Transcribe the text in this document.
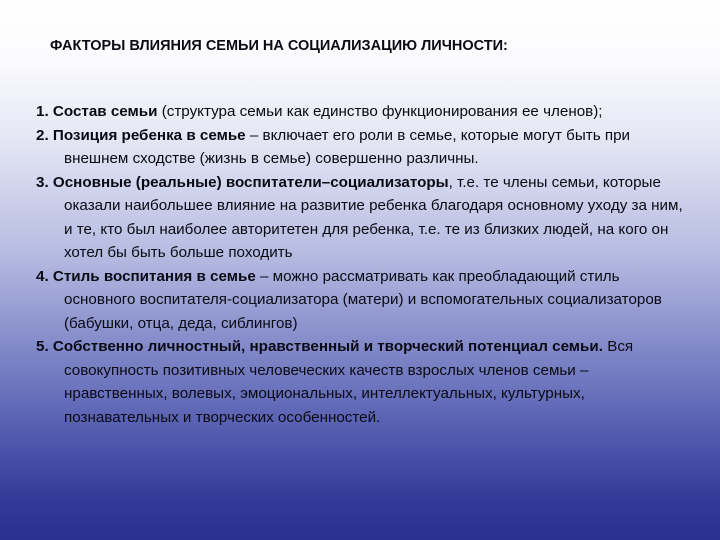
ФАКТОРЫ ВЛИЯНИЯ СЕМЬИ НА СОЦИАЛИЗАЦИЮ ЛИЧНОСТИ:
1. Состав семьи (структура семьи как единство функционирования ее членов);
2. Позиция ребенка в семье – включает его роли в семье, которые могут быть при внешнем сходстве (жизнь в семье) совершенно различны.
3. Основные (реальные) воспитатели–социализаторы, т.е. те члены семьи, которые оказали наибольшее влияние на развитие ребенка благодаря основному уходу за ним, и те, кто был наиболее авторитетен для ребенка, т.е. те из близких людей, на кого он хотел бы быть больше походить
4. Стиль воспитания в семье – можно рассматривать как преобладающий стиль основного воспитателя-социализатора (матери) и вспомогательных социализаторов (бабушки, отца, деда, сиблингов)
5. Собственно личностный, нравственный и творческий потенциал семьи. Вся совокупность позитивных человеческих качеств взрослых членов семьи – нравственных, волевых, эмоциональных, интеллектуальных, культурных, познавательных и творческих особенностей.
